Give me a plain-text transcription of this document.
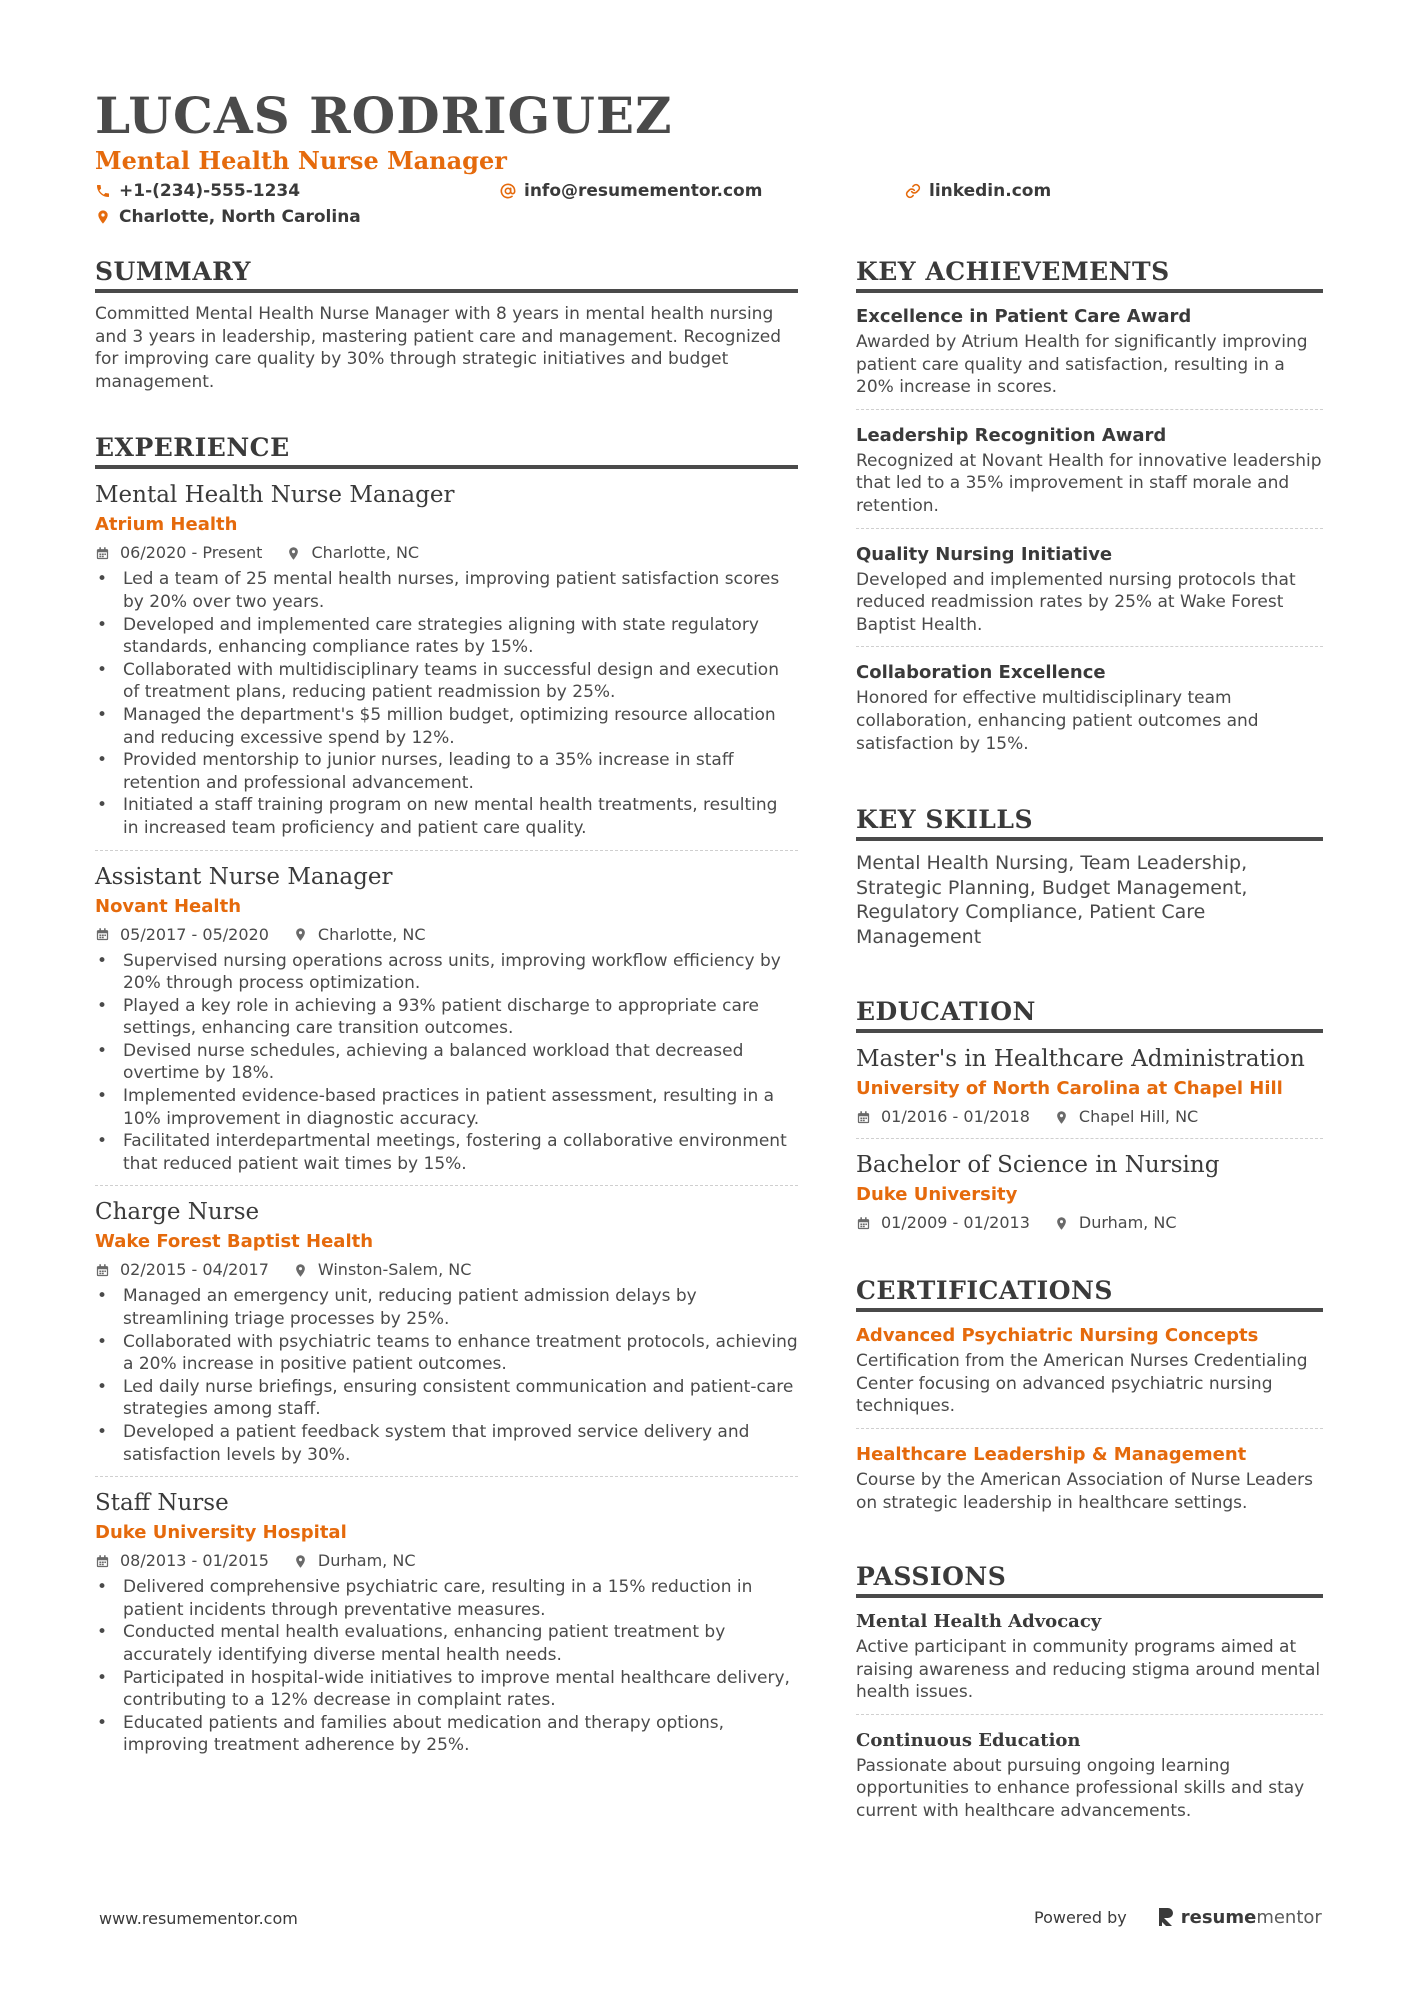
LUCAS RODRIGUEZ
Mental Health Nurse Manager
+1-(234)-555-1234	info@resumementor.com	linkedin.com
Charlotte, North Carolina
SUMMARY
Committed Mental Health Nurse Manager with 8 years in mental health nursing and 3 years in leadership, mastering patient care and management. Recognized for improving care quality by 30% through strategic initiatives and budget management.
EXPERIENCE
Mental Health Nurse Manager
Atrium Health
06/2020 - Present	Charlotte, NC
• Led a team of 25 mental health nurses, improving patient satisfaction scores by 20% over two years.
• Developed and implemented care strategies aligning with state regulatory standards, enhancing compliance rates by 15%.
• Collaborated with multidisciplinary teams in successful design and execution of treatment plans, reducing patient readmission by 25%.
• Managed the department's $5 million budget, optimizing resource allocation and reducing excessive spend by 12%.
• Provided mentorship to junior nurses, leading to a 35% increase in staff retention and professional advancement.
• Initiated a staff training program on new mental health treatments, resulting in increased team proficiency and patient care quality.
Assistant Nurse Manager
Novant Health
05/2017 - 05/2020	Charlotte, NC
• Supervised nursing operations across units, improving workflow efficiency by 20% through process optimization.
• Played a key role in achieving a 93% patient discharge to appropriate care settings, enhancing care transition outcomes.
• Devised nurse schedules, achieving a balanced workload that decreased overtime by 18%.
• Implemented evidence-based practices in patient assessment, resulting in a 10% improvement in diagnostic accuracy.
• Facilitated interdepartmental meetings, fostering a collaborative environment that reduced patient wait times by 15%.
Charge Nurse
Wake Forest Baptist Health
02/2015 - 04/2017	Winston-Salem, NC
• Managed an emergency unit, reducing patient admission delays by streamlining triage processes by 25%.
• Collaborated with psychiatric teams to enhance treatment protocols, achieving a 20% increase in positive patient outcomes.
• Led daily nurse briefings, ensuring consistent communication and patient-care strategies among staff.
• Developed a patient feedback system that improved service delivery and satisfaction levels by 30%.
Staff Nurse
Duke University Hospital
08/2013 - 01/2015	Durham, NC
• Delivered comprehensive psychiatric care, resulting in a 15% reduction in patient incidents through preventative measures.
• Conducted mental health evaluations, enhancing patient treatment by accurately identifying diverse mental health needs.
• Participated in hospital-wide initiatives to improve mental healthcare delivery, contributing to a 12% decrease in complaint rates.
• Educated patients and families about medication and therapy options, improving treatment adherence by 25%.
KEY ACHIEVEMENTS
Excellence in Patient Care Award
Awarded by Atrium Health for significantly improving patient care quality and satisfaction, resulting in a 20% increase in scores.
Leadership Recognition Award
Recognized at Novant Health for innovative leadership that led to a 35% improvement in staff morale and retention.
Quality Nursing Initiative
Developed and implemented nursing protocols that reduced readmission rates by 25% at Wake Forest Baptist Health.
Collaboration Excellence
Honored for effective multidisciplinary team collaboration, enhancing patient outcomes and satisfaction by 15%.
KEY SKILLS
Mental Health Nursing, Team Leadership, Strategic Planning, Budget Management, Regulatory Compliance, Patient Care Management
EDUCATION
Master's in Healthcare Administration
University of North Carolina at Chapel Hill
01/2016 - 01/2018	Chapel Hill, NC
Bachelor of Science in Nursing
Duke University
01/2009 - 01/2013	Durham, NC
CERTIFICATIONS
Advanced Psychiatric Nursing Concepts
Certification from the American Nurses Credentialing Center focusing on advanced psychiatric nursing techniques.
Healthcare Leadership & Management
Course by the American Association of Nurse Leaders on strategic leadership in healthcare settings.
PASSIONS
Mental Health Advocacy
Active participant in community programs aimed at raising awareness and reducing stigma around mental health issues.
Continuous Education
Passionate about pursuing ongoing learning opportunities to enhance professional skills and stay current with healthcare advancements.
www.resumementor.com	Powered by	resume mentor
